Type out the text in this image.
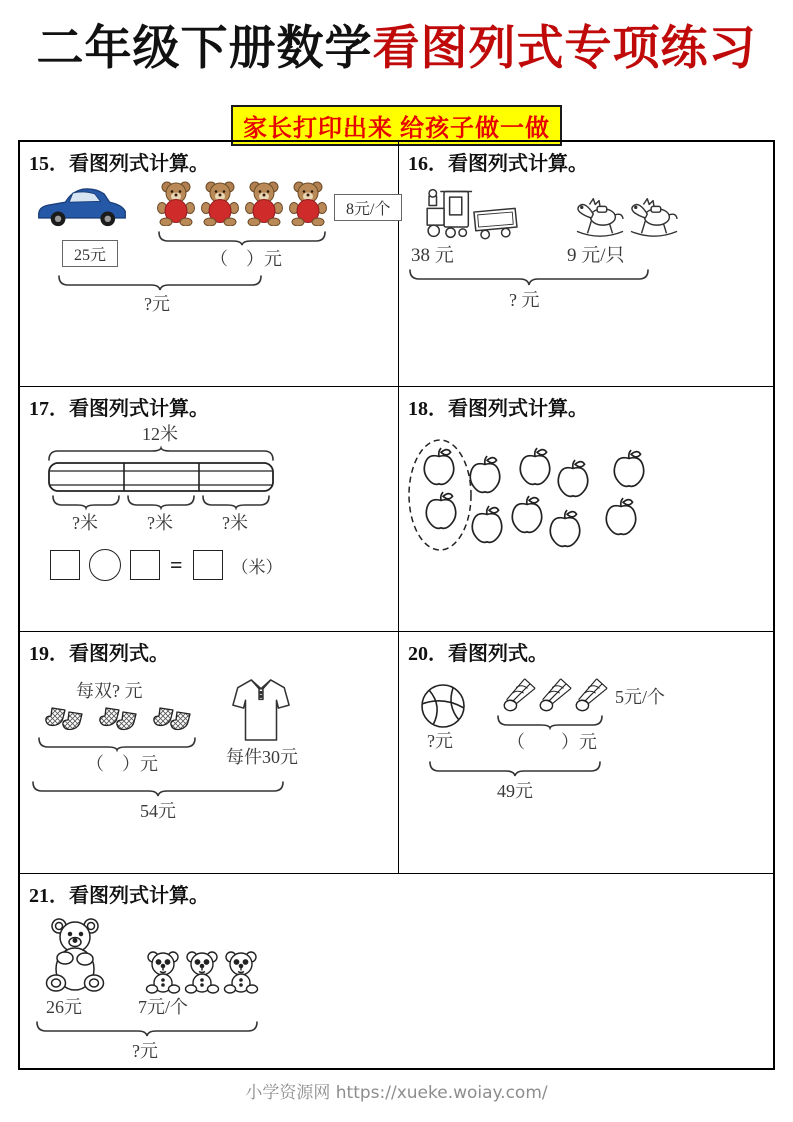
二年级下册数学看图列式专项练习
家长打印出来 给孩子做一做
15．看图列式计算。
25元
8元/个
（　）元
?元
16．看图列式计算。
38 元	9 元/只
? 元
17．看图列式计算。
12米
?米	?米	?米
=	（米）
18．看图列式计算。
19．看图列式。
每双? 元
（　）元	每件30元
54元
20．看图列式。
?元
5元/个
（　　）元
49元
21．看图列式计算。
26元	7元/个
?元
小学资源网 https://xueke.woiay.com/
